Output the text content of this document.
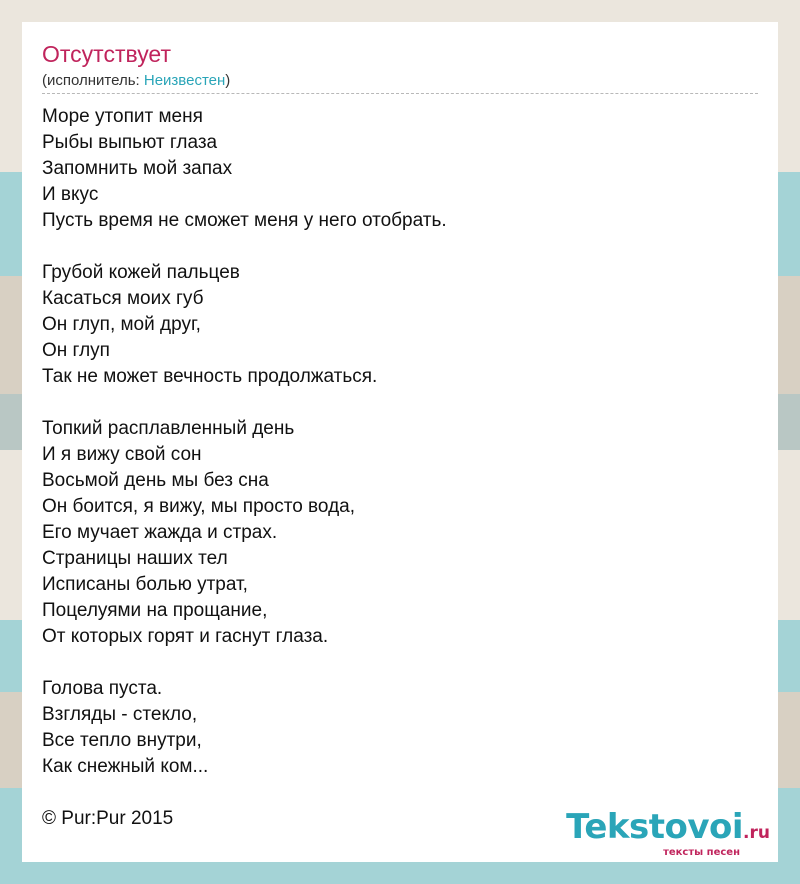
Отсутствует
(исполнитель: Неизвестен)
Море утопит меня
Рыбы выпьют глаза
Запомнить мой запах
И вкус
Пусть время не сможет меня у него отобрать.
Грубой кожей пальцев
Касаться моих губ
Он глуп, мой друг,
Он глуп
Так не может вечность продолжаться.
Топкий расплавленный день
И я вижу свой сон
Восьмой день мы без сна
Он боится, я вижу, мы просто вода,
Его мучает жажда и страх.
Страницы наших тел
Исписаны болью утрат,
Поцелуями на прощание,
От которых горят и гаснут глаза.
Голова пуста.
Взгляды - стекло,
Все тепло внутри,
Как снежный ком...
© Pur:Pur 2015	Tekstovoi.ru
тексты песен
